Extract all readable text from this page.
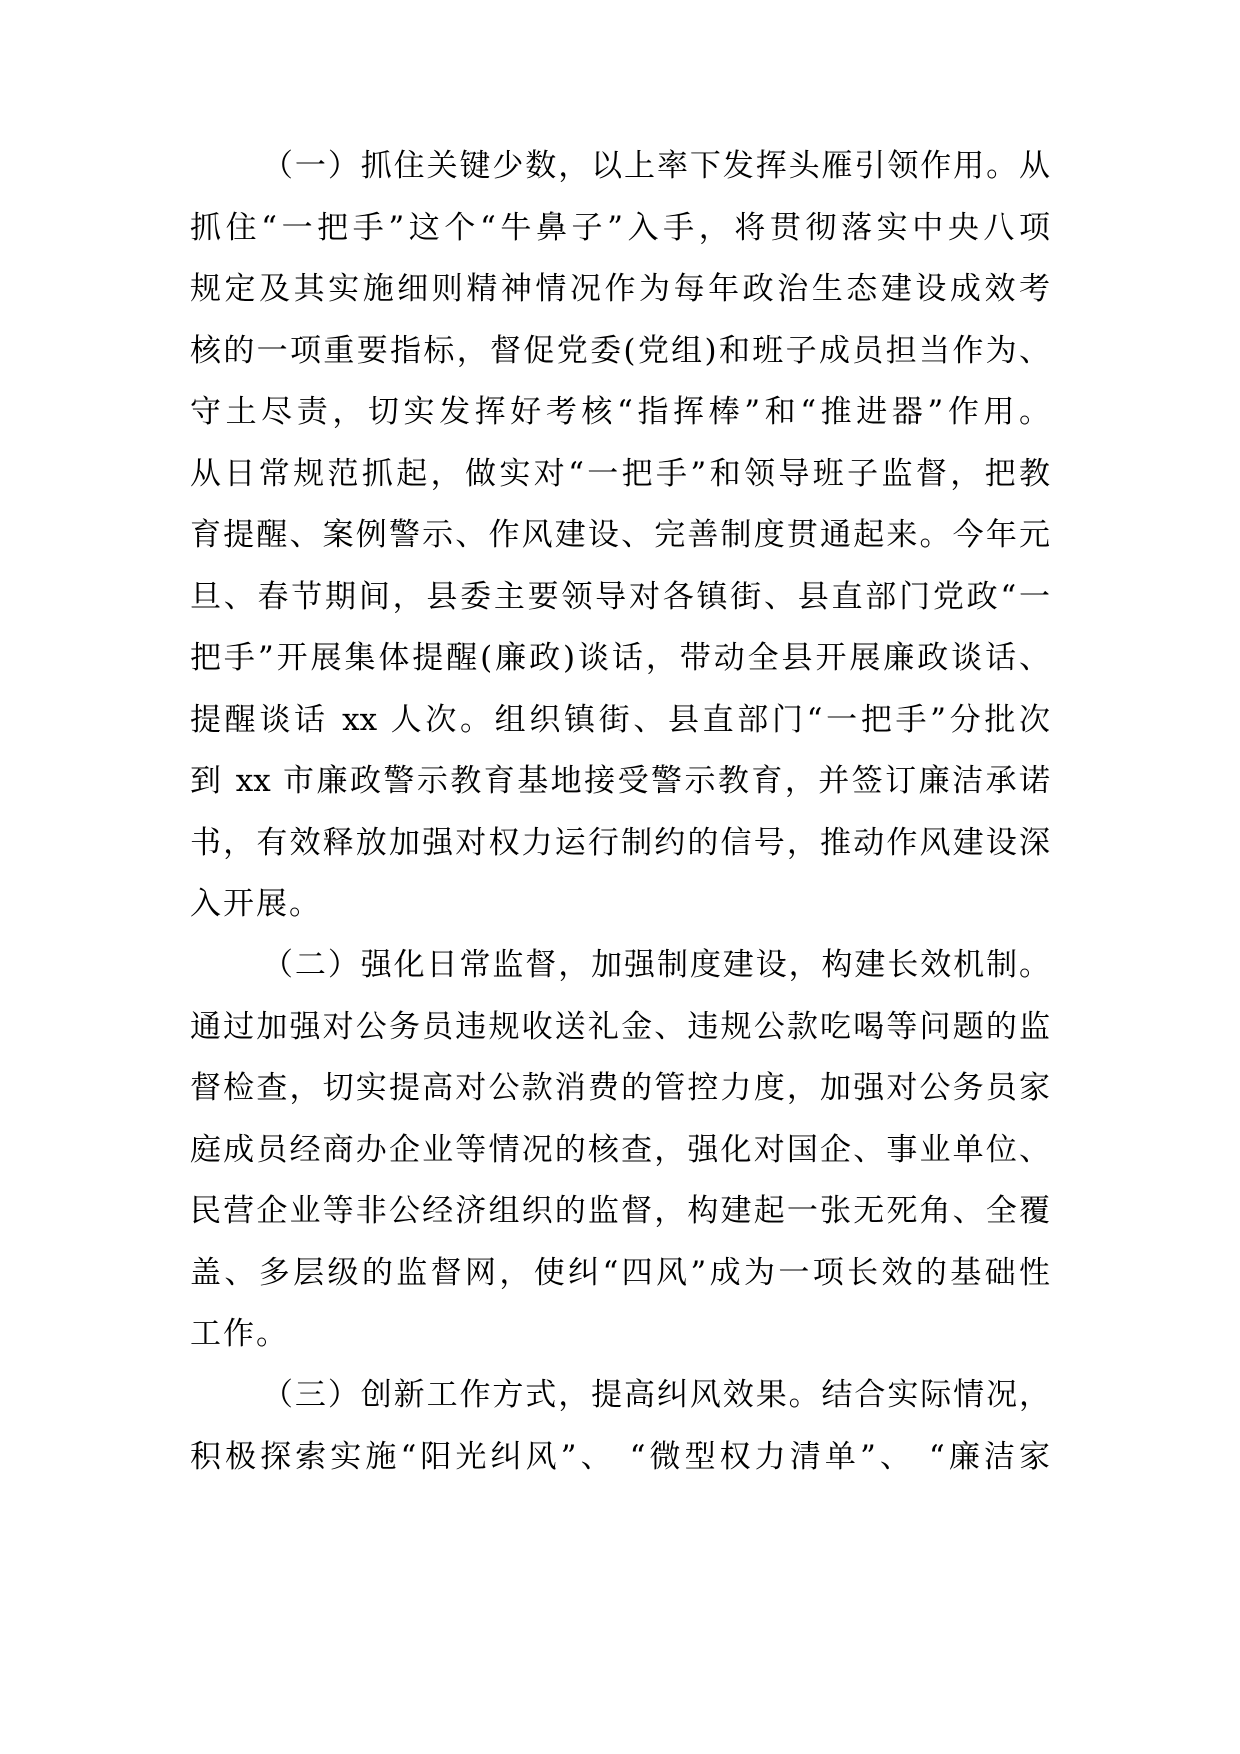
（一）抓住关键少数，以上率下发挥头雁引领作用。从
抓住“一把手”这个“牛鼻子”入手，将贯彻落实中央八项
规定及其实施细则精神情况作为每年政治生态建设成效考
核的一项重要指标，督促党委(党组)和班子成员担当作为、
守土尽责，切实发挥好考核“指挥棒”和“推进器”作用。
从日常规范抓起，做实对“一把手”和领导班子监督，把教
育提醒、案例警示、作风建设、完善制度贯通起来。今年元
旦、春节期间，县委主要领导对各镇街、县直部门党政“一
把手”开展集体提醒(廉政)谈话，带动全县开展廉政谈话、
提醒谈话 xx 人次。组织镇街、县直部门“一把手”分批次
到 xx 市廉政警示教育基地接受警示教育，并签订廉洁承诺
书，有效释放加强对权力运行制约的信号，推动作风建设深
入开展。
（二）强化日常监督，加强制度建设，构建长效机制。
通过加强对公务员违规收送礼金、违规公款吃喝等问题的监
督检查，切实提高对公款消费的管控力度，加强对公务员家
庭成员经商办企业等情况的核查，强化对国企、事业单位、
民营企业等非公经济组织的监督，构建起一张无死角、全覆
盖、多层级的监督网，使纠“四风”成为一项长效的基础性
工作。
（三）创新工作方式，提高纠风效果。结合实际情况，
积极探索实施“阳光纠风”、 “微型权力清单”、 “廉洁家
